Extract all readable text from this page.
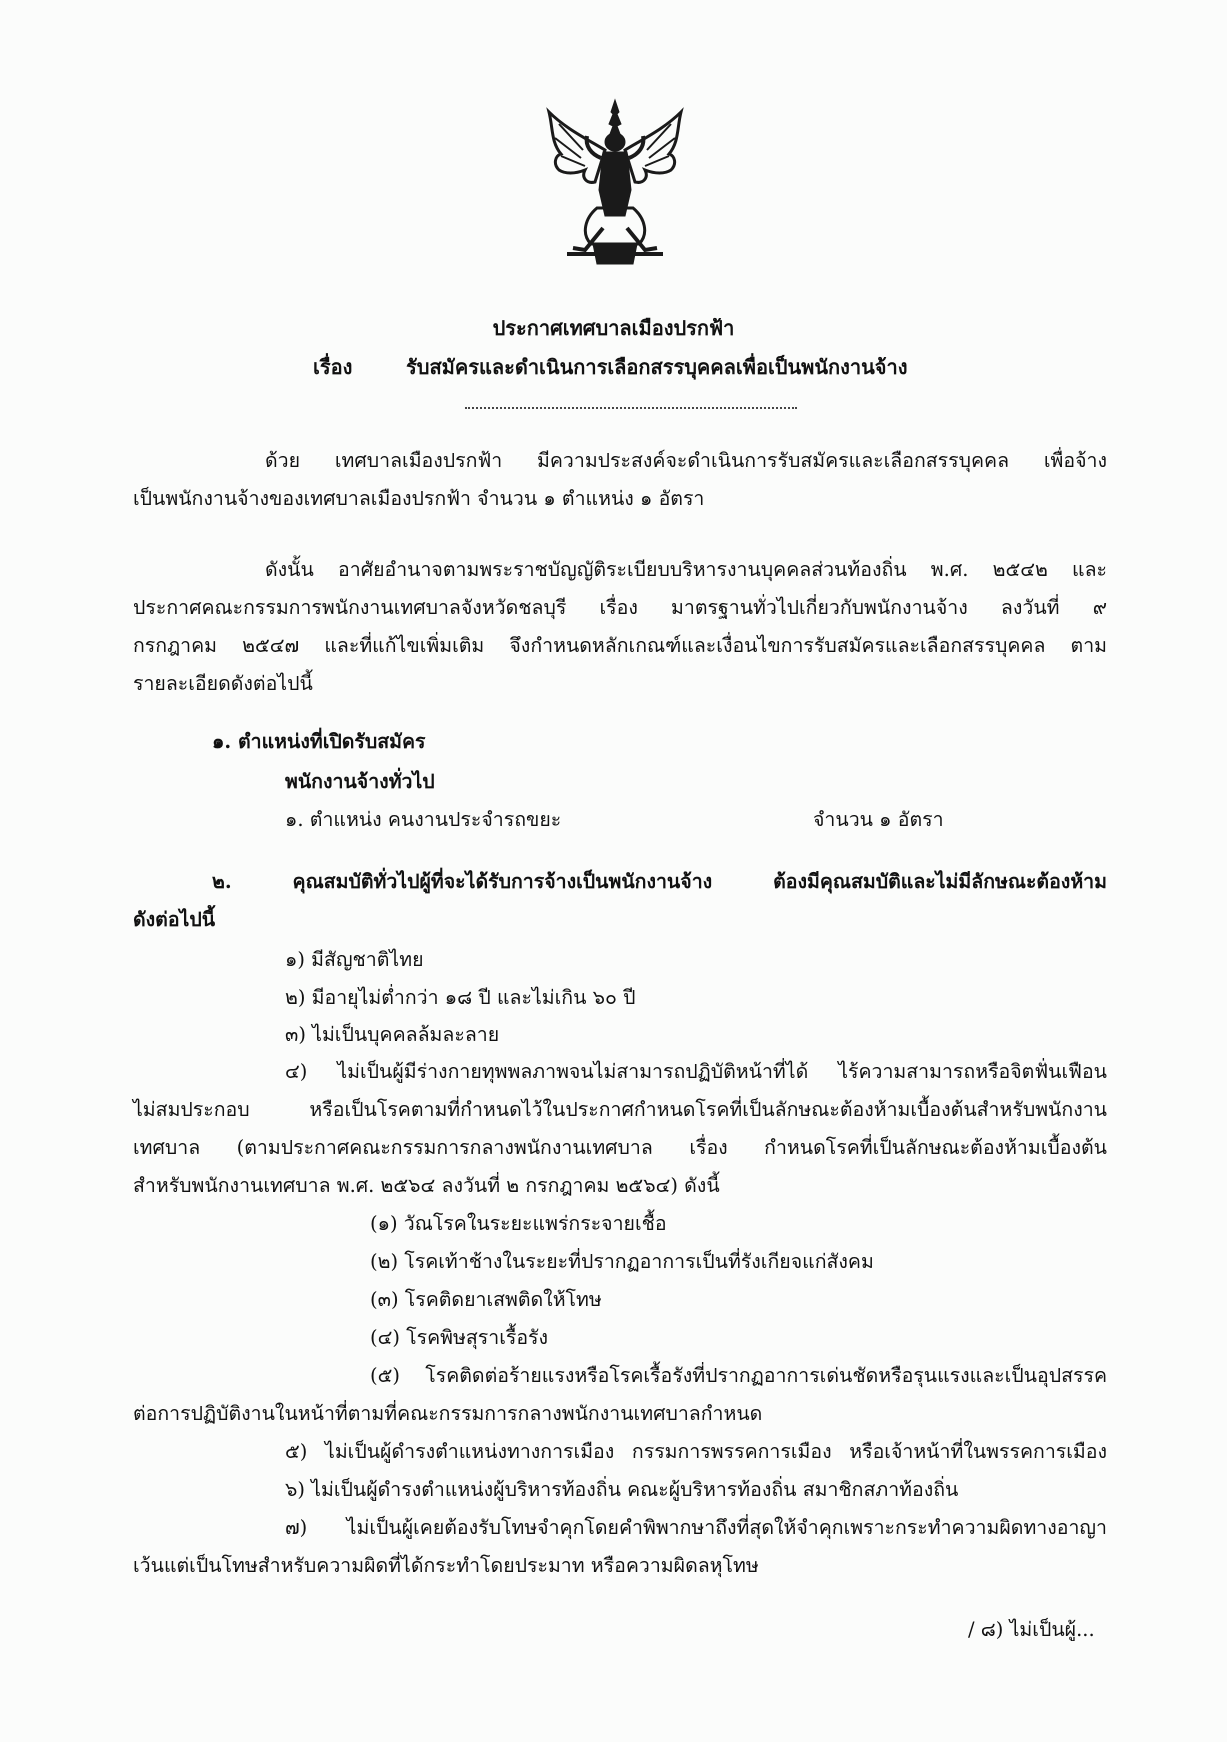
ประกาศเทศบาลเมืองปรกฟ้า
เรื่อง	รับสมัครและดำเนินการเลือกสรรบุคคลเพื่อเป็นพนักงานจ้าง
ด้วย เทศบาลเมืองปรกฟ้า มีความประสงค์จะดำเนินการรับสมัครและเลือกสรรบุคคล เพื่อจ้าง
เป็นพนักงานจ้างของเทศบาลเมืองปรกฟ้า จำนวน ๑ ตำแหน่ง ๑ อัตรา
ดังนั้น อาศัยอำนาจตามพระราชบัญญัติระเบียบบริหารงานบุคคลส่วนท้องถิ่น พ.ศ. ๒๕๔๒ และ
ประกาศคณะกรรมการพนักงานเทศบาลจังหวัดชลบุรี เรื่อง มาตรฐานทั่วไปเกี่ยวกับพนักงานจ้าง ลงวันที่ ๙
กรกฎาคม ๒๕๔๗ และที่แก้ไขเพิ่มเติม จึงกำหนดหลักเกณฑ์และเงื่อนไขการรับสมัครและเลือกสรรบุคคล ตาม
รายละเอียดดังต่อไปนี้
๑. ตำแหน่งที่เปิดรับสมัคร
พนักงานจ้างทั่วไป
๑. ตำแหน่ง คนงานประจำรถขยะ	จำนวน ๑ อัตรา
๒. คุณสมบัติทั่วไปผู้ที่จะได้รับการจ้างเป็นพนักงานจ้าง ต้องมีคุณสมบัติและไม่มีลักษณะต้องห้าม
ดังต่อไปนี้
๑) มีสัญชาติไทย
๒) มีอายุไม่ต่ำกว่า ๑๘ ปี และไม่เกิน ๖๐ ปี
๓) ไม่เป็นบุคคลล้มละลาย
๔) ไม่เป็นผู้มีร่างกายทุพพลภาพจนไม่สามารถปฏิบัติหน้าที่ได้ ไร้ความสามารถหรือจิตฟั่นเฟือน
ไม่สมประกอบ หรือเป็นโรคตามที่กำหนดไว้ในประกาศกำหนดโรคที่เป็นลักษณะต้องห้ามเบื้องต้นสำหรับพนักงาน
เทศบาล (ตามประกาศคณะกรรมการกลางพนักงานเทศบาล เรื่อง กำหนดโรคที่เป็นลักษณะต้องห้ามเบื้องต้น
สำหรับพนักงานเทศบาล พ.ศ. ๒๕๖๔ ลงวันที่ ๒ กรกฎาคม ๒๕๖๔) ดังนี้
(๑) วัณโรคในระยะแพร่กระจายเชื้อ
(๒) โรคเท้าช้างในระยะที่ปรากฏอาการเป็นที่รังเกียจแก่สังคม
(๓) โรคติดยาเสพติดให้โทษ
(๔) โรคพิษสุราเรื้อรัง
(๕) โรคติดต่อร้ายแรงหรือโรคเรื้อรังที่ปรากฏอาการเด่นชัดหรือรุนแรงและเป็นอุปสรรค
ต่อการปฏิบัติงานในหน้าที่ตามที่คณะกรรมการกลางพนักงานเทศบาลกำหนด
๕) ไม่เป็นผู้ดำรงตำแหน่งทางการเมือง กรรมการพรรคการเมือง หรือเจ้าหน้าที่ในพรรคการเมือง
๖) ไม่เป็นผู้ดำรงตำแหน่งผู้บริหารท้องถิ่น คณะผู้บริหารท้องถิ่น สมาชิกสภาท้องถิ่น
๗) ไม่เป็นผู้เคยต้องรับโทษจำคุกโดยคำพิพากษาถึงที่สุดให้จำคุกเพราะกระทำความผิดทางอาญา
เว้นแต่เป็นโทษสำหรับความผิดที่ได้กระทำโดยประมาท หรือความผิดลหุโทษ
/ ๘) ไม่เป็นผู้...
